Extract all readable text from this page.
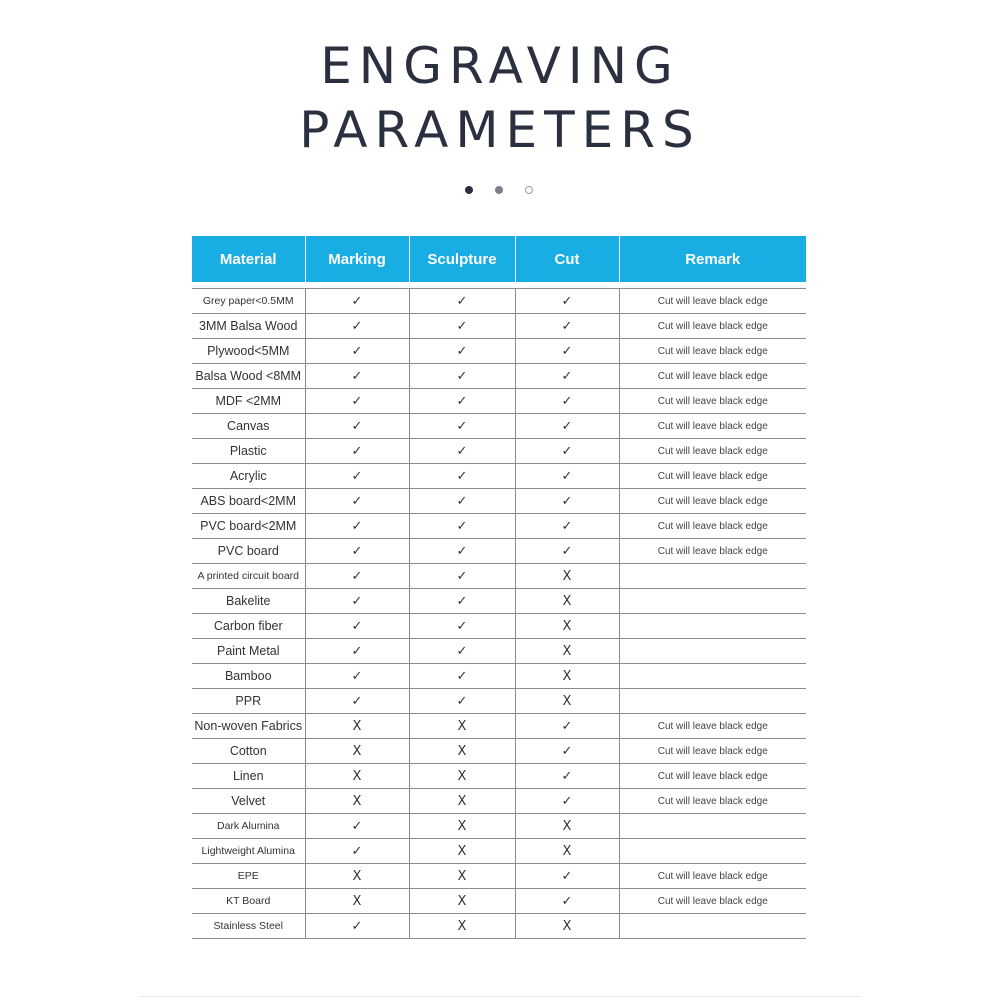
ENGRAVING
PARAMETERS
Material	Marking	Sculpture	Cut	Remark

Grey paper<0.5MM	✓	✓	✓	Cut will leave black edge
3MM Balsa Wood	✓	✓	✓	Cut will leave black edge
Plywood<5MM	✓	✓	✓	Cut will leave black edge
Balsa Wood <8MM	✓	✓	✓	Cut will leave black edge
MDF <2MM	✓	✓	✓	Cut will leave black edge
Canvas	✓	✓	✓	Cut will leave black edge
Plastic	✓	✓	✓	Cut will leave black edge
Acrylic	✓	✓	✓	Cut will leave black edge
ABS board<2MM	✓	✓	✓	Cut will leave black edge
PVC board<2MM	✓	✓	✓	Cut will leave black edge
PVC board	✓	✓	✓	Cut will leave black edge
A printed circuit board	✓	✓	X	
Bakelite	✓	✓	X	
Carbon fiber	✓	✓	X	
Paint Metal	✓	✓	X	
Bamboo	✓	✓	X	
PPR	✓	✓	X	
Non-woven Fabrics	X	X	✓	Cut will leave black edge
Cotton	X	X	✓	Cut will leave black edge
Linen	X	X	✓	Cut will leave black edge
Velvet	X	X	✓	Cut will leave black edge
Dark Alumina	✓	X	X	
Lightweight Alumina	✓	X	X	
EPE	X	X	✓	Cut will leave black edge
KT Board	X	X	✓	Cut will leave black edge
Stainless Steel	✓	X	X	
